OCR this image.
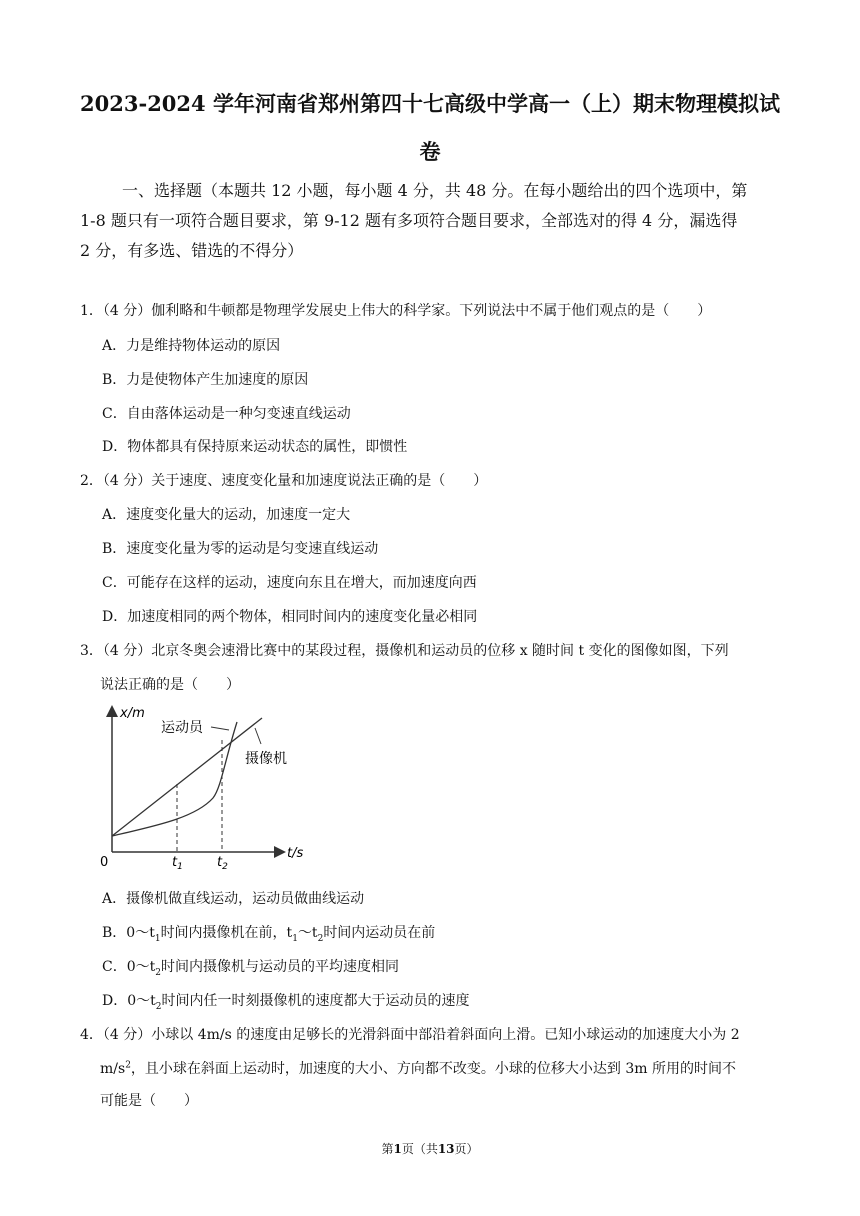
2023-2024 学年河南省郑州第四十七高级中学高一（上）期末物理模拟试
卷
一、选择题（本题共 12 小题，每小题 4 分，共 48 分。在每小题给出的四个选项中，第
1-8 题只有一项符合题目要求，第 9-12 题有多项符合题目要求，全部选对的得 4 分，漏选得
2 分，有多选、错选的不得分）
1．（4 分）伽利略和牛顿都是物理学发展史上伟大的科学家。下列说法中不属于他们观点的是（　　）
A．力是维持物体运动的原因
B．力是使物体产生加速度的原因
C．自由落体运动是一种匀变速直线运动
D．物体都具有保持原来运动状态的属性，即惯性
2．（4 分）关于速度、速度变化量和加速度说法正确的是（　　）
A．速度变化量大的运动，加速度一定大
B．速度变化量为零的运动是匀变速直线运动
C．可能存在这样的运动，速度向东且在增大，而加速度向西
D．加速度相同的两个物体，相同时间内的速度变化量必相同
3．（4 分）北京冬奥会速滑比赛中的某段过程，摄像机和运动员的位移 x 随时间 t 变化的图像如图，下列
说法正确的是（　　）
x/m
t/s
0	$t_1$	$t_2$
运动员
摄像机
A．摄像机做直线运动，运动员做曲线运动
B．$0\sim t_1$时间内摄像机在前，$t_1\sim t_2$时间内运动员在前
C．$0\sim t_2$时间内摄像机与运动员的平均速度相同
D．$0\sim t_2$时间内任一时刻摄像机的速度都大于运动员的速度
4．（4 分）小球以 4m/s 的速度由足够长的光滑斜面中部沿着斜面向上滑。已知小球运动的加速度大小为 2
$m/s^2$，且小球在斜面上运动时，加速度的大小、方向都不改变。小球的位移大小达到 3m 所用的时间不
可能是（　　）
第1页（共13页）
